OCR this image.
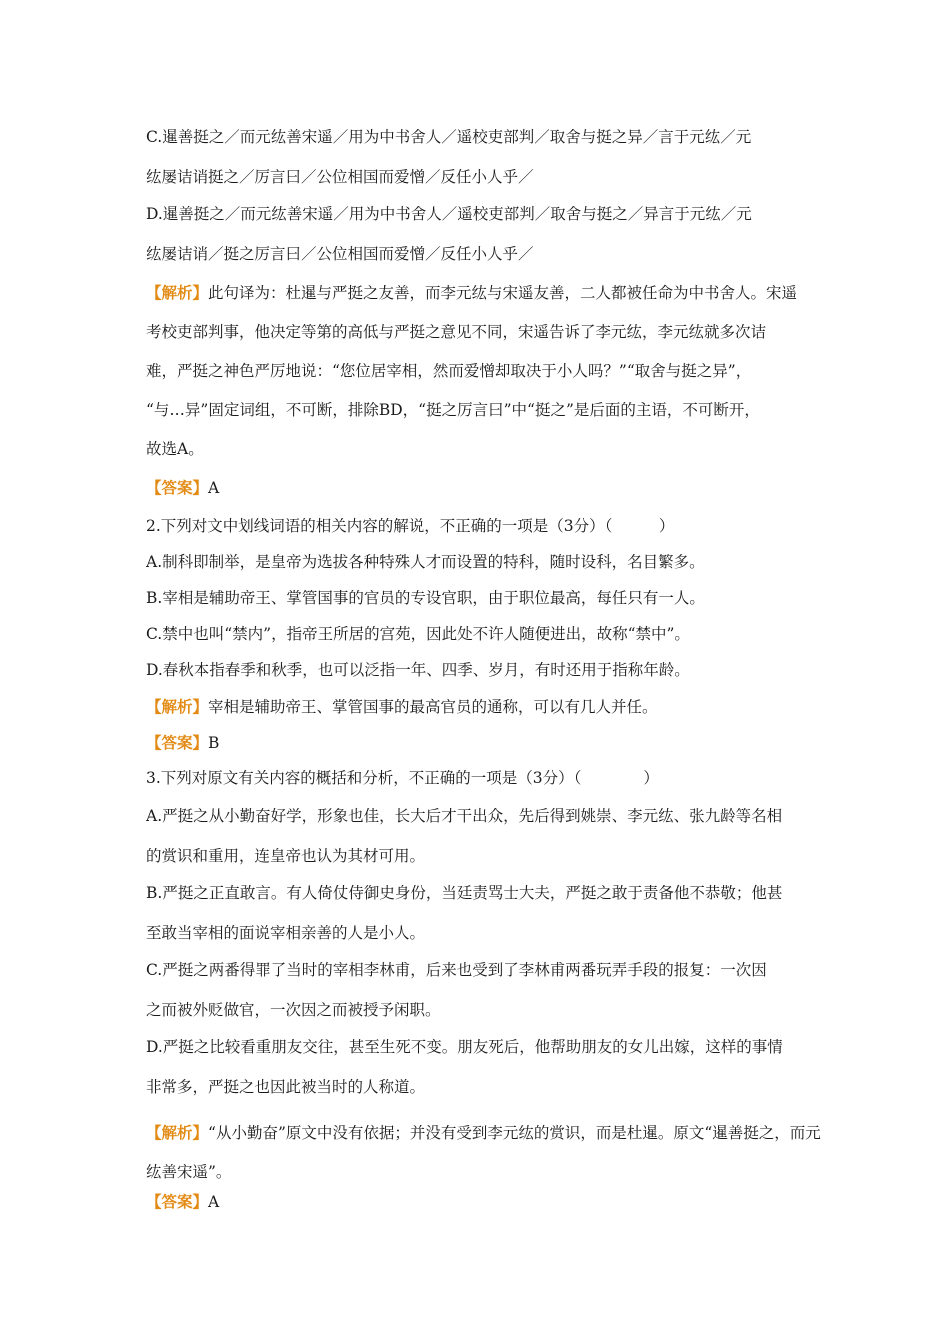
C.暹善挺之／而元纮善宋遥／用为中书舍人／遥校吏部判／取舍与挺之异／言于元纮／元
纮屡诘诮挺之／厉言曰／公位相国而爱憎／反任小人乎／
D.暹善挺之／而元纮善宋遥／用为中书舍人／遥校吏部判／取舍与挺之／异言于元纮／元
纮屡诘诮／挺之厉言曰／公位相国而爱憎／反任小人乎／
【解析】此句译为：杜暹与严挺之友善，而李元纮与宋遥友善，二人都被任命为中书舍人。宋遥
考校吏部判事，他决定等第的高低与严挺之意见不同，宋遥告诉了李元纮，李元纮就多次诘
难，严挺之神色严厉地说：“您位居宰相，然而爱憎却取决于小人吗？”“取舍与挺之异”，
“与…异”固定词组，不可断，排除BD，“挺之厉言曰”中“挺之”是后面的主语，不可断开，
故选A。
【答案】A
2.下列对文中划线词语的相关内容的解说，不正确的一项是（3分）（　　　）
A.制科即制举，是皇帝为选拔各种特殊人才而设置的特科，随时设科，名目繁多。
B.宰相是辅助帝王、掌管国事的官员的专设官职，由于职位最高，每任只有一人。
C.禁中也叫“禁内”，指帝王所居的宫苑，因此处不许人随便进出，故称“禁中”。
D.春秋本指春季和秋季，也可以泛指一年、四季、岁月，有时还用于指称年龄。
【解析】宰相是辅助帝王、掌管国事的最高官员的通称，可以有几人并任。
【答案】B
3.下列对原文有关内容的概括和分析，不正确的一项是（3分）（　　　　）
A.严挺之从小勤奋好学，形象也佳，长大后才干出众，先后得到姚崇、李元纮、张九龄等名相
的赏识和重用，连皇帝也认为其材可用。
B.严挺之正直敢言。有人倚仗侍御史身份，当廷责骂士大夫，严挺之敢于责备他不恭敬；他甚
至敢当宰相的面说宰相亲善的人是小人。
C.严挺之两番得罪了当时的宰相李林甫，后来也受到了李林甫两番玩弄手段的报复：一次因
之而被外贬做官，一次因之而被授予闲职。
D.严挺之比较看重朋友交往，甚至生死不变。朋友死后，他帮助朋友的女儿出嫁，这样的事情
非常多，严挺之也因此被当时的人称道。
【解析】“从小勤奋”原文中没有依据；并没有受到李元纮的赏识，而是杜暹。原文“暹善挺之，而元纮善宋遥”。
【答案】A
